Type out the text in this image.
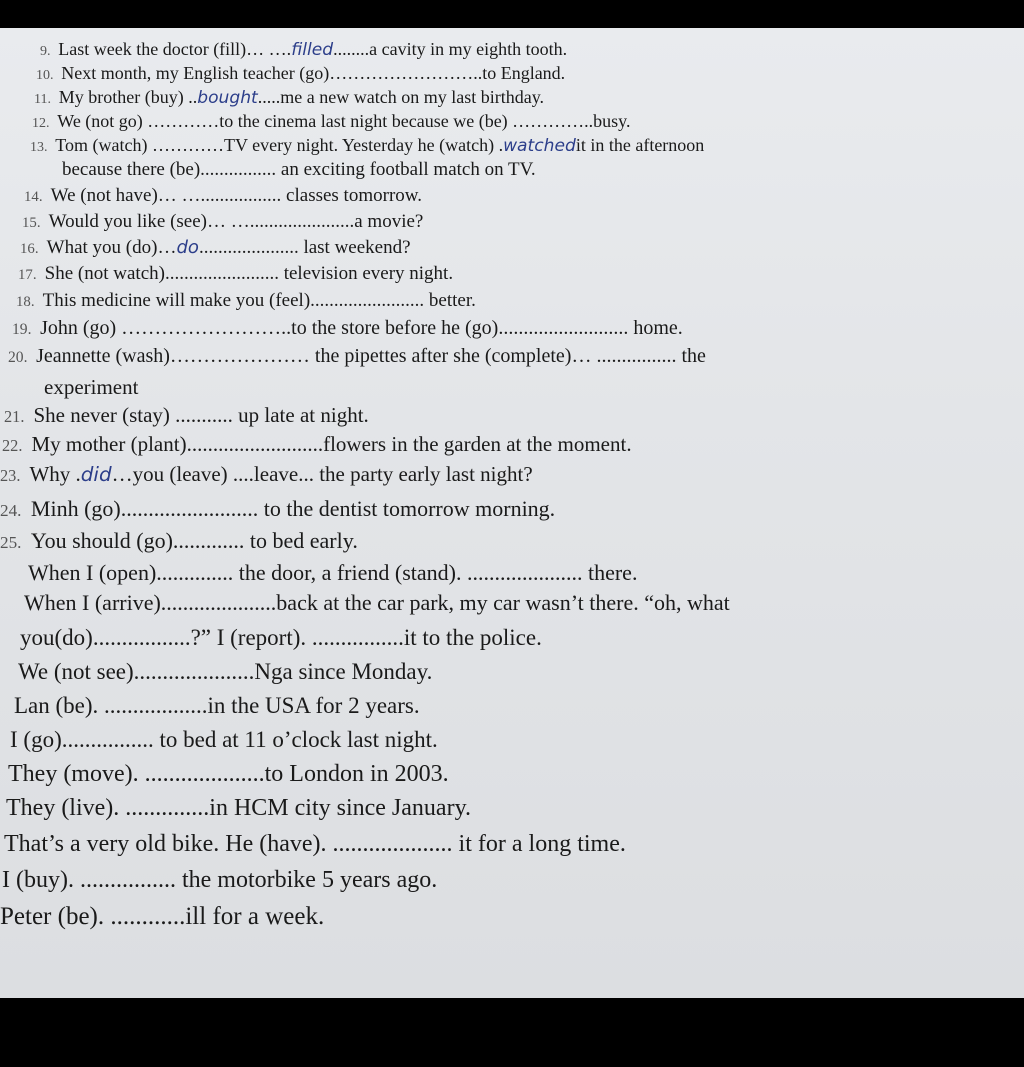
9. Last week the doctor (fill)… ….filled........a cavity in my eighth tooth.
10. Next month, my English teacher (go)……………………..to England.
11. My brother (buy) ..bought.....me a new watch on my last birthday.
12. We (not go) …………to the cinema last night because we (be) …………..busy.
13. Tom (watch) …………TV every night. Yesterday he (watch) .watchedit in the afternoon
because there (be)................ an exciting football match on TV.
14. We (not have)… …................. classes tomorrow.
15. Would you like (see)… …......................a movie?
16. What you (do)…do..................... last weekend?
17. She (not watch)........................ television every night.
18. This medicine will make you (feel)........................ better.
19. John (go) ……………………..to the store before he (go).......................... home.
20. Jeannette (wash)………………… the pipettes after she (complete)… ................ the
experiment
21. She never (stay) ........... up late at night.
22. My mother (plant)..........................flowers in the garden at the moment.
23. Why .did…you (leave) ....leave... the party early last night?
24. Minh (go)......................... to the dentist tomorrow morning.
25. You should (go)............. to bed early.
When I (open).............. the door, a friend (stand). ..................... there.
When I (arrive).....................back at the car park, my car wasn’t there. “oh, what
you(do).................?” I (report). ................it to the police.
We (not see).....................Nga since Monday.
Lan (be). ..................in the USA for 2 years.
I (go)................ to bed at 11 o’clock last night.
They (move). ....................to London in 2003.
They (live). ..............in HCM city since January.
That’s a very old bike. He (have). .................... it for a long time.
I (buy). ................ the motorbike 5 years ago.
Peter (be). ............ill for a week.
